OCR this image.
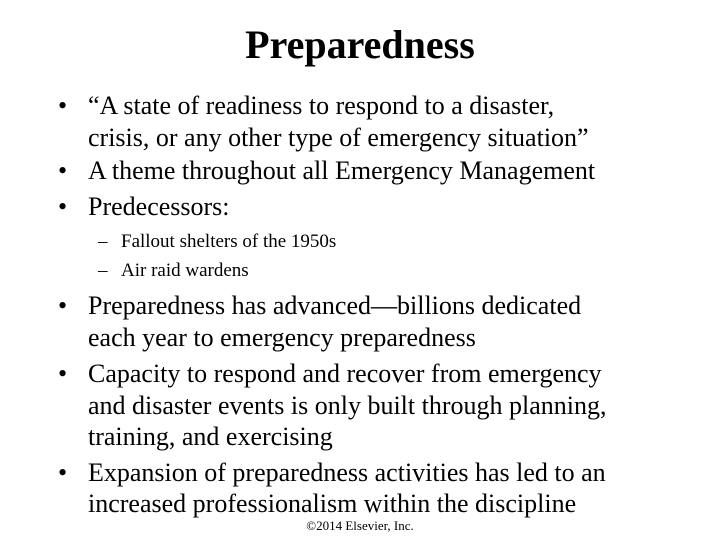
Preparedness
• “A state of readiness to respond to a disaster,
crisis, or any other type of emergency situation”
• A theme throughout all Emergency Management
• Predecessors:
– Fallout shelters of the 1950s
– Air raid wardens
• Preparedness has advanced—billions dedicated
each year to emergency preparedness
• Capacity to respond and recover from emergency
and disaster events is only built through planning,
training, and exercising
• Expansion of preparedness activities has led to an
increased professionalism within the discipline
©2014 Elsevier, Inc.
